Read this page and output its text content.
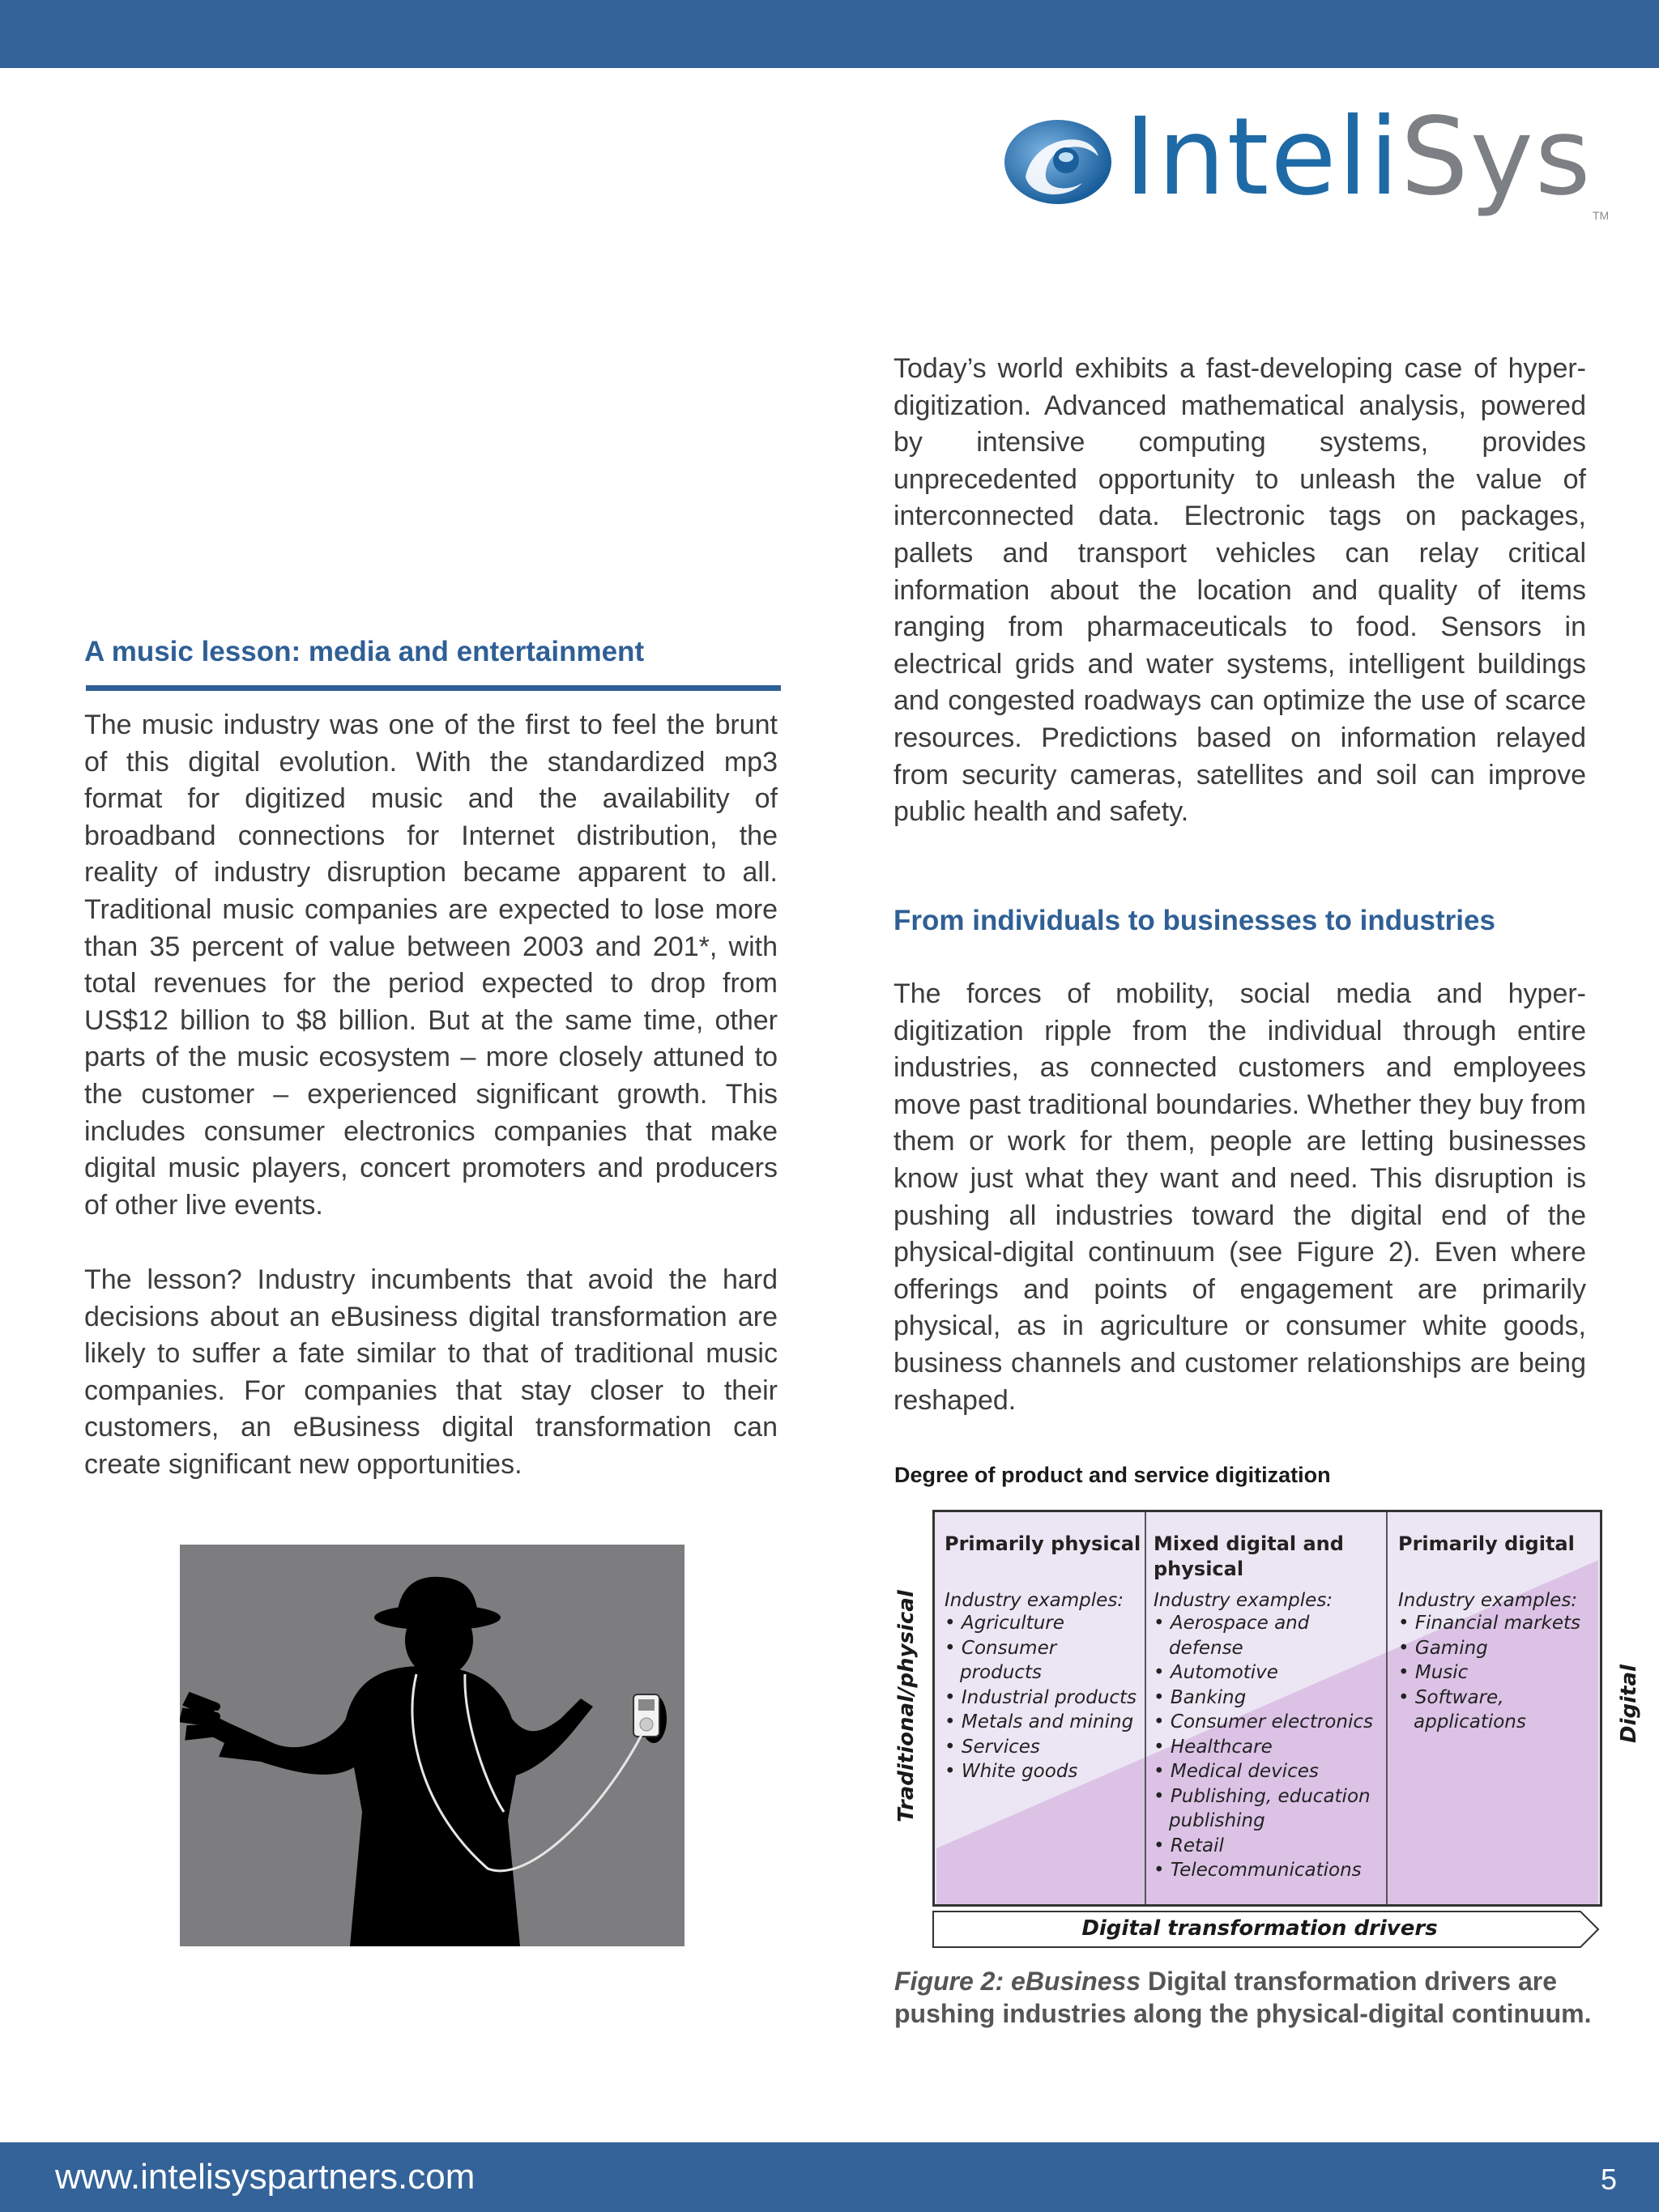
InteliSys TM
A music lesson: media and entertainment

The music industry was one of the first to feel the brunt of this digital evolution. With the standardized mp3 format for digitized music and the availability of broadband connections for Internet distribution, the reality of industry disruption became apparent to all. Traditional music companies are expected to lose more than 35 percent of value between 2003 and 201*, with total revenues for the period expected to drop from US$12 billion to $8 billion. But at the same time, other parts of the music ecosystem – more closely attuned to the customer – experienced significant growth. This includes consumer electronics companies that make digital music players, concert promoters and producers of other live events.

The lesson? Industry incumbents that avoid the hard decisions about an eBusiness digital transformation are likely to suffer a fate similar to that of traditional music companies. For companies that stay closer to their customers, an eBusiness digital transformation can create significant new opportunities.

Today’s world exhibits a fast-developing case of hyper-digitization. Advanced mathematical analysis, powered by intensive computing systems, provides unprecedented opportunity to unleash the value of interconnected data. Electronic tags on packages, pallets and transport vehicles can relay critical information about the location and quality of items ranging from pharmaceuticals to food. Sensors in electrical grids and water systems, intelligent buildings and congested roadways can optimize the use of scarce resources. Predictions based on information relayed from security cameras, satellites and soil can improve public health and safety.

From individuals to businesses to industries

The forces of mobility, social media and hyper-digitization ripple from the individual through entire industries, as connected customers and employees move past traditional boundaries. Whether they buy from them or work for them, people are letting businesses know just what they want and need. This disruption is pushing all industries toward the digital end of the physical-digital continuum (see Figure 2). Even where offerings and points of engagement are primarily physical, as in agriculture or consumer white goods, business channels and customer relationships are being reshaped.

Degree of product and service digitization
Primarily physical
Industry examples:
• Agriculture
• Consumer products
• Industrial products
• Metals and mining
• Services
• White goods
Mixed digital and physical
Industry examples:
• Aerospace and defense
• Automotive
• Banking
• Consumer electronics
• Healthcare
• Medical devices
• Publishing, education publishing
• Retail
• Telecommunications
Primarily digital
Industry examples:
• Financial markets
• Gaming
• Music
• Software, applications
Traditional/physical	Digital
Digital transformation drivers
Figure 2: eBusiness Digital transformation drivers are pushing industries along the physical-digital continuum.
www.intelisyspartners.com	5
